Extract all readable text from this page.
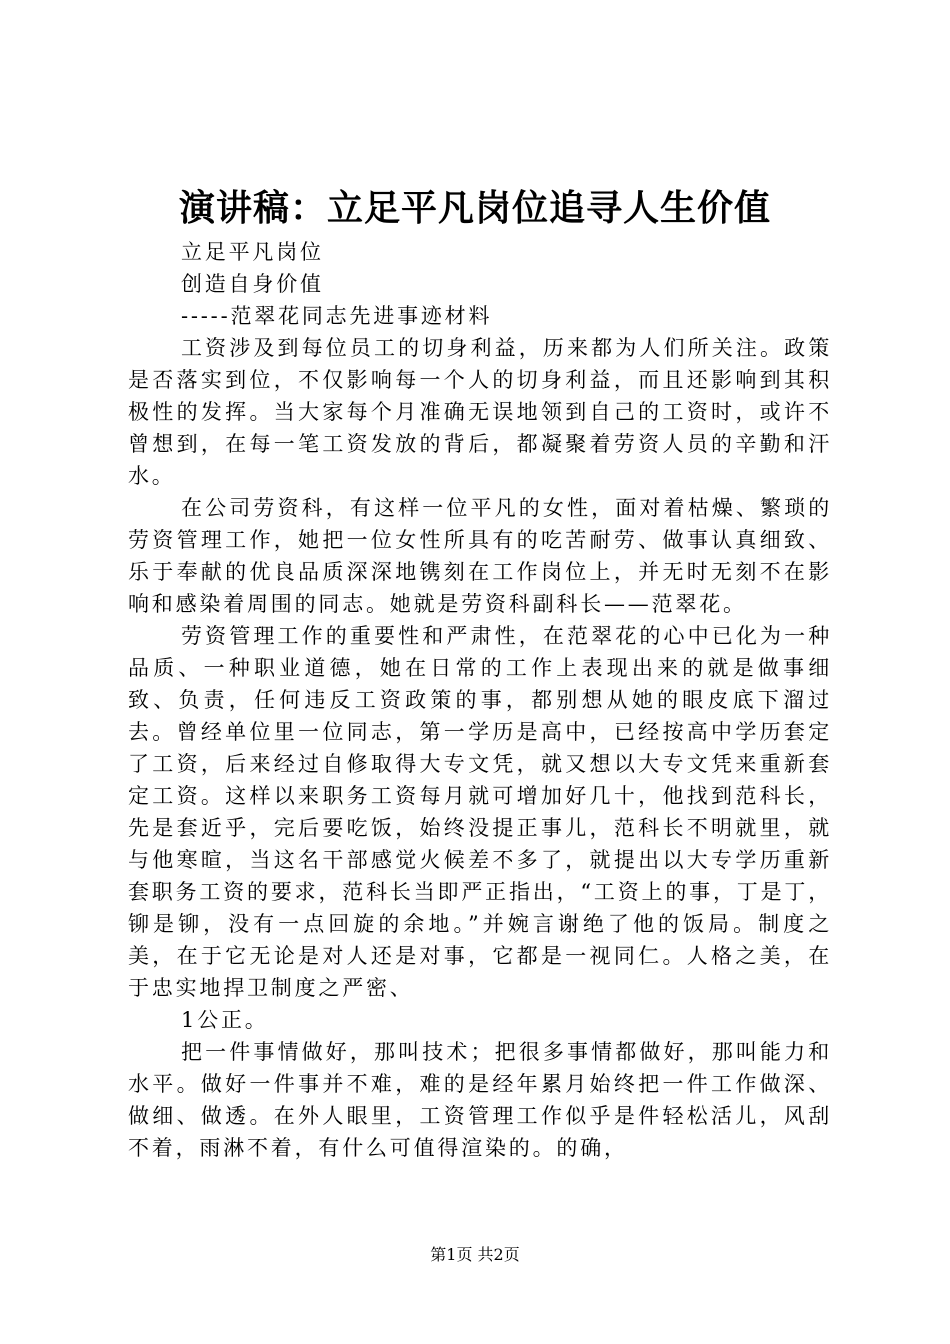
演讲稿：立足平凡岗位追寻人生价值

立足平凡岗位

创造自身价值

-----范翠花同志先进事迹材料

工资涉及到每位员工的切身利益，历来都为人们所关注。政策是否落实到位，不仅影响每一个人的切身利益，而且还影响到其积极性的发挥。当大家每个月准确无误地领到自己的工资时，或许不曾想到，在每一笔工资发放的背后，都凝聚着劳资人员的辛勤和汗水。

在公司劳资科，有这样一位平凡的女性，面对着枯燥、繁琐的劳资管理工作，她把一位女性所具有的吃苦耐劳、做事认真细致、乐于奉献的优良品质深深地镌刻在工作岗位上，并无时无刻不在影响和感染着周围的同志。她就是劳资科副科长——范翠花。

劳资管理工作的重要性和严肃性，在范翠花的心中已化为一种品质、一种职业道德，她在日常的工作上表现出来的就是做事细致、负责，任何违反工资政策的事，都别想从她的眼皮底下溜过去。曾经单位里一位同志，第一学历是高中，已经按高中学历套定了工资，后来经过自修取得大专文凭，就又想以大专文凭来重新套定工资。这样以来职务工资每月就可增加好几十，他找到范科长，先是套近乎，完后要吃饭，始终没提正事儿，范科长不明就里，就与他寒暄，当这名干部感觉火候差不多了，就提出以大专学历重新套职务工资的要求，范科长当即严正指出，“工资上的事，丁是丁，铆是铆，没有一点回旋的余地。”并婉言谢绝了他的饭局。制度之美，在于它无论是对人还是对事，它都是一视同仁。人格之美，在于忠实地捍卫制度之严密、

1公正。

把一件事情做好，那叫技术；把很多事情都做好，那叫能力和水平。做好一件事并不难，难的是经年累月始终把一件工作做深、做细、做透。在外人眼里，工资管理工作似乎是件轻松活儿，风刮不着，雨淋不着，有什么可值得渲染的。的确，

第1页 共2页
